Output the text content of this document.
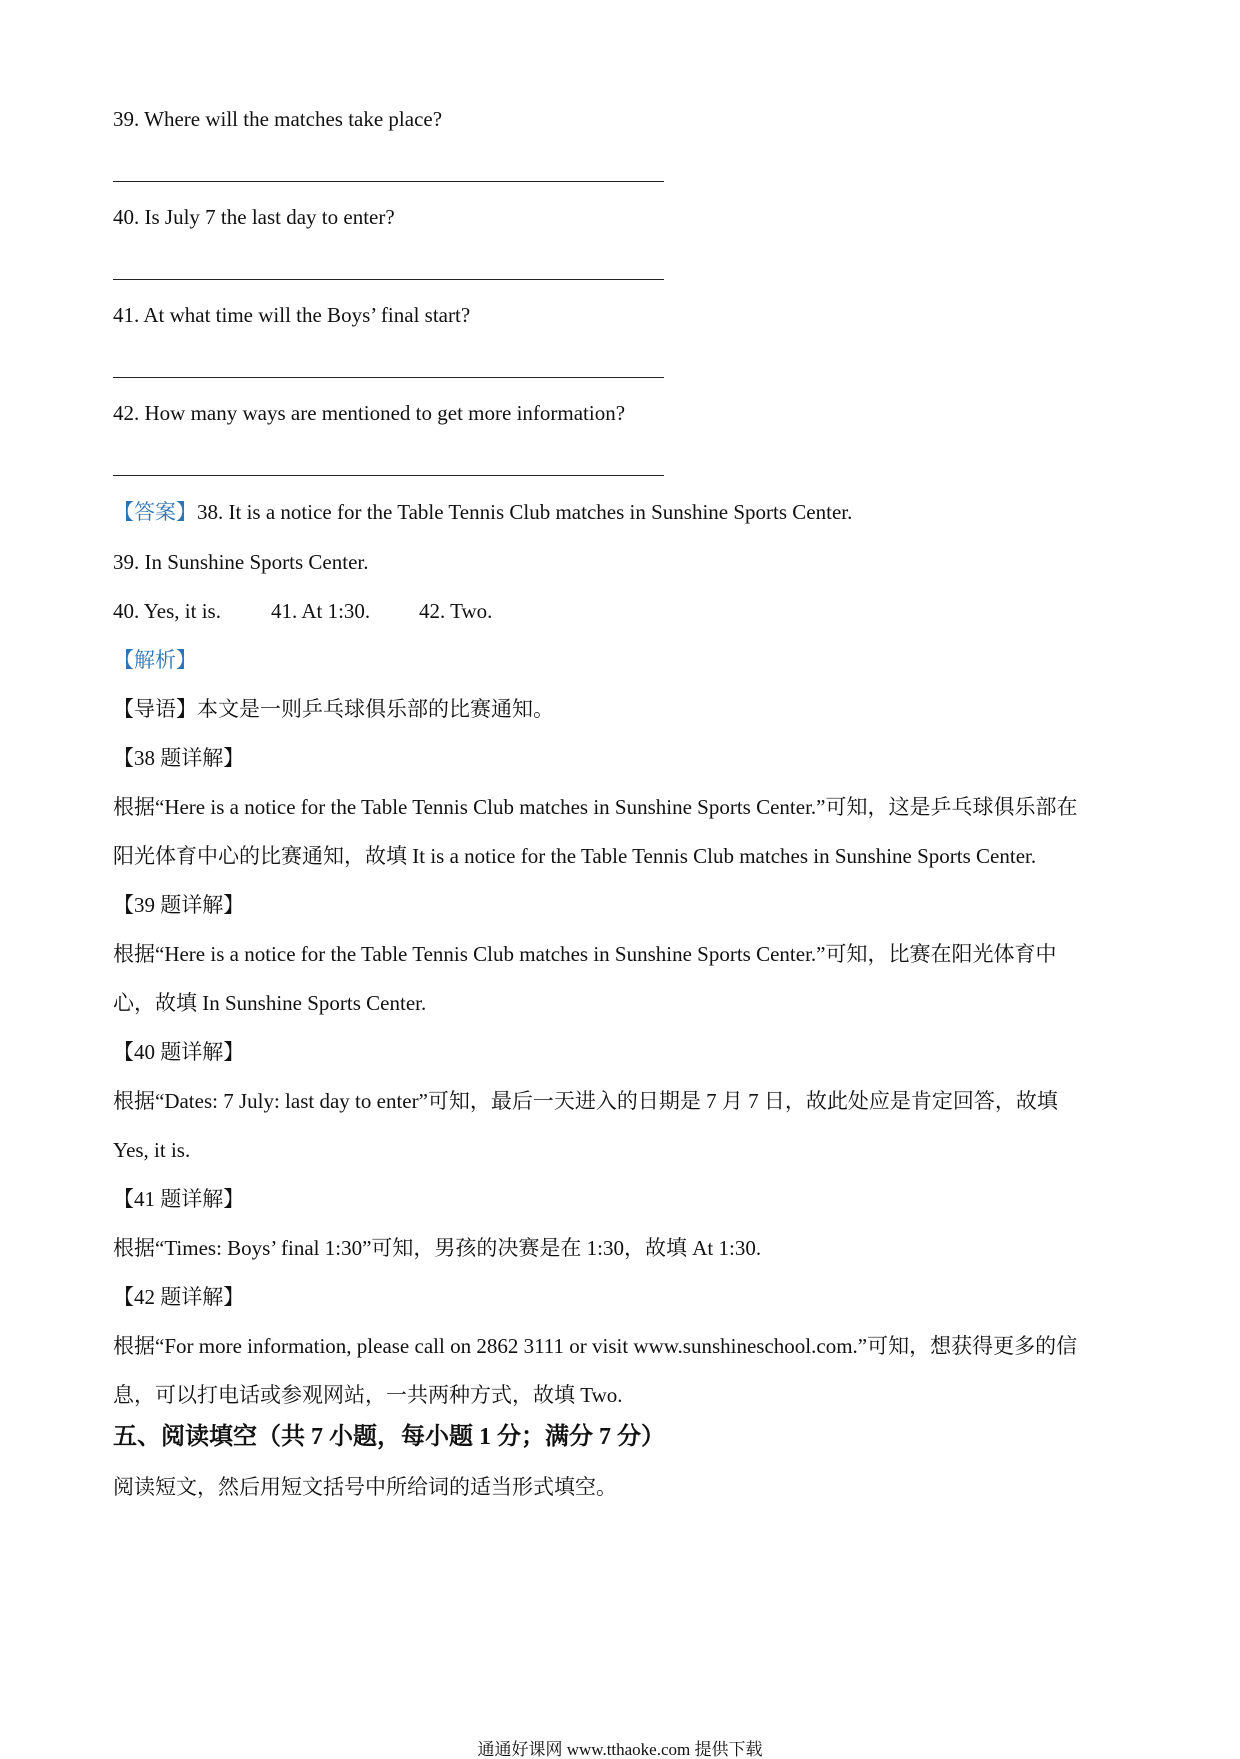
39. Where will the matches take place?
40. Is July 7 the last day to enter?
41. At what time will the Boys’ final start?
42. How many ways are mentioned to get more information?
【答案】38. It is a notice for the Table Tennis Club matches in Sunshine Sports Center.
39. In Sunshine Sports Center.
40. Yes, it is. 41. At 1:30. 42. Two.
【解析】
【导语】本文是一则乒乓球俱乐部的比赛通知。
【38 题详解】
根据“Here is a notice for the Table Tennis Club matches in Sunshine Sports Center.”可知，这是乒乓球俱乐部在
阳光体育中心的比赛通知，故填 It is a notice for the Table Tennis Club matches in Sunshine Sports Center.
【39 题详解】
根据“Here is a notice for the Table Tennis Club matches in Sunshine Sports Center.”可知，比赛在阳光体育中
心，故填 In Sunshine Sports Center.
【40 题详解】
根据“Dates: 7 July: last day to enter”可知，最后一天进入的日期是 7 月 7 日，故此处应是肯定回答，故填
Yes, it is.
【41 题详解】
根据“Times: Boys’ final 1:30”可知，男孩的决赛是在 1:30，故填 At 1:30.
【42 题详解】
根据“For more information, please call on 2862 3111 or visit www.sunshineschool.com.”可知，想获得更多的信
息，可以打电话或参观网站，一共两种方式，故填 Two.
五、阅读填空（共 7 小题，每小题 1 分；满分 7 分）
阅读短文，然后用短文括号中所给词的适当形式填空。
通通好课网 www.tthaoke.com 提供下载
